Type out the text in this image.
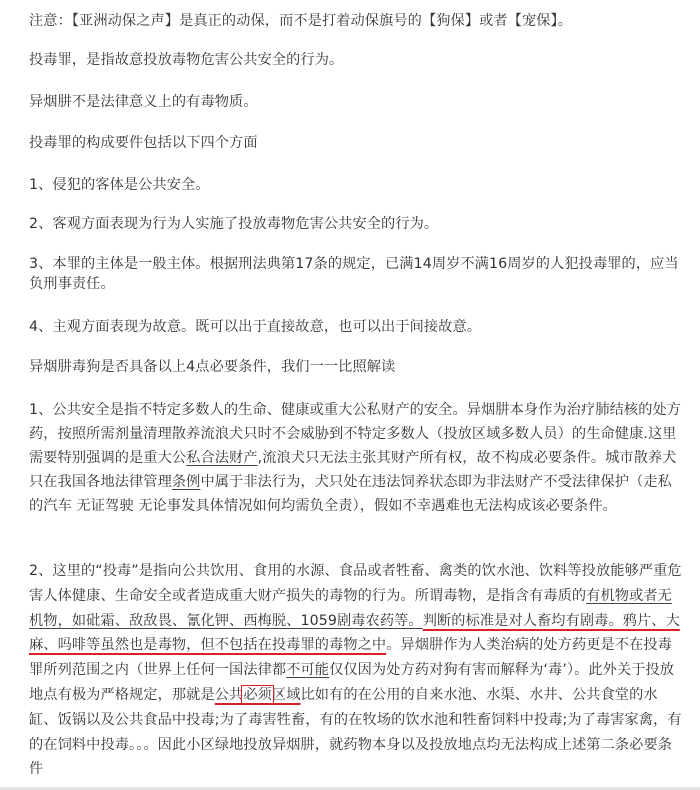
注意：【亚洲动保之声】是真正的动保，而不是打着动保旗号的【狗保】或者【宠保】。

投毒罪，是指故意投放毒物危害公共安全的行为。

异烟肼不是法律意义上的有毒物质。

投毒罪的构成要件包括以下四个方面

1、侵犯的客体是公共安全。

2、客观方面表现为行为人实施了投放毒物危害公共安全的行为。

3、本罪的主体是一般主体。根据刑法典第17条的规定，已满14周岁不满16周岁的人犯投毒罪的，应当负刑事责任。

4、主观方面表现为故意。既可以出于直接故意，也可以出于间接故意。

异烟肼毒狗是否具备以上4点必要条件，我们一一比照解读

1、公共安全是指不特定多数人的生命、健康或重大公私财产的安全。异烟肼本身作为治疗肺结核的处方药，按照所需剂量清理散养流浪犬只时不会威胁到不特定多数人（投放区域多数人员）的生命健康.这里需要特别强调的是重大公私合法财产,流浪犬只无法主张其财产所有权，故不构成必要条件。城市散养犬只在我国各地法律管理条例中属于非法行为，犬只处在违法饲养状态即为非法财产不受法律保护（走私的汽车 无证驾驶 无论事发具体情况如何均需负全责），假如不幸遇难也无法构成该必要条件。

2、这里的“投毒”是指向公共饮用、食用的水源、食品或者牲畜、禽类的饮水池、饮料等投放能够严重危害人体健康、生命安全或者造成重大财产损失的毒物的行为。所谓毒物，是指含有毒质的有机物或者无机物，如砒霜、敌敌畏、氰化钾、西梅脱、1059剧毒农药等。判断的标准是对人畜均有剧毒。鸦片、大麻、吗啡等虽然也是毒物，但不包括在投毒罪的毒物之中。异烟肼作为人类治病的处方药更是不在投毒罪所列范围之内（世界上任何一国法律都不可能仅仅因为处方药对狗有害而解释为‘毒’）。此外关于投放地点有极为严格规定，那就是公共必须区域比如有的在公用的自来水池、水渠、水井、公共食堂的水缸、饭锅以及公共食品中投毒;为了毒害牲畜，有的在牧场的饮水池和牲畜饲料中投毒;为了毒害家禽，有的在饲料中投毒。。。因此小区绿地投放异烟肼，就药物本身以及投放地点均无法构成上述第二条必要条件
